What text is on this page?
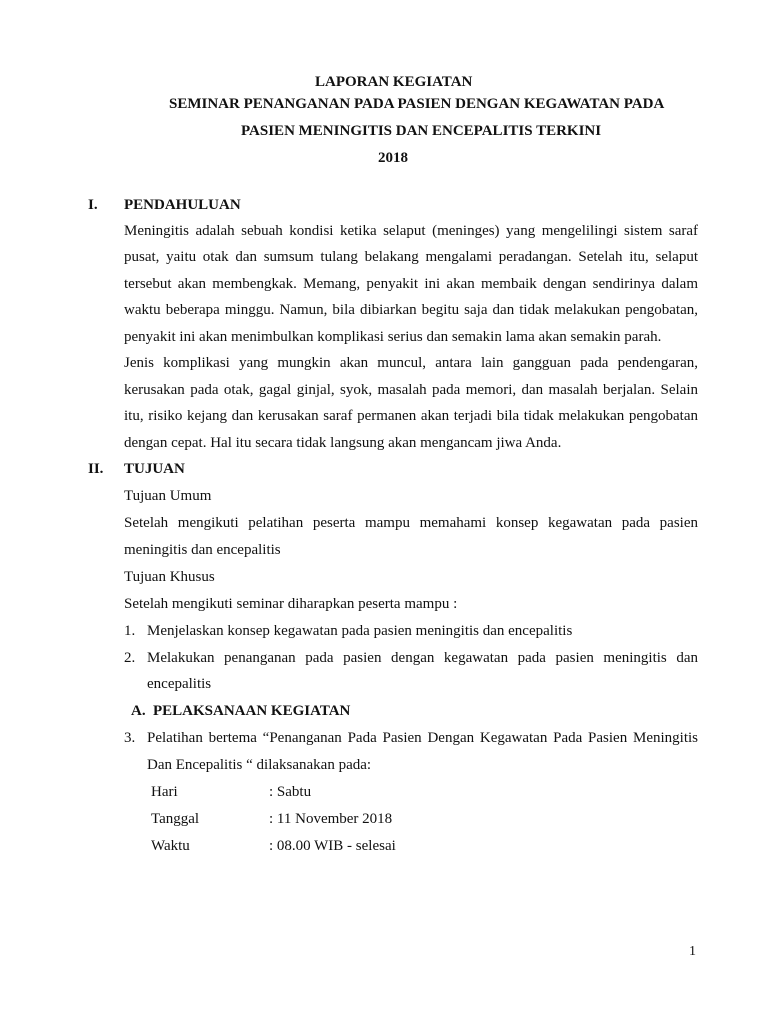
LAPORAN KEGIATAN
SEMINAR PENANGANAN PADA PASIEN DENGAN KEGAWATAN PADA
PASIEN MENINGITIS DAN ENCEPALITIS TERKINI
2018
I. PENDAHULUAN
Meningitis adalah sebuah kondisi ketika selaput (meninges) yang mengelilingi sistem saraf
pusat, yaitu otak dan sumsum tulang belakang mengalami peradangan. Setelah itu, selaput
tersebut akan membengkak. Memang, penyakit ini akan membaik dengan sendirinya dalam
waktu beberapa minggu. Namun, bila dibiarkan begitu saja dan tidak melakukan pengobatan,
penyakit ini akan menimbulkan komplikasi serius dan semakin lama akan semakin parah.
Jenis komplikasi yang mungkin akan muncul, antara lain gangguan pada pendengaran,
kerusakan pada otak, gagal ginjal, syok, masalah pada memori, dan masalah berjalan. Selain
itu, risiko kejang dan kerusakan saraf permanen akan terjadi bila tidak melakukan pengobatan
dengan cepat. Hal itu secara tidak langsung akan mengancam jiwa Anda.
II. TUJUAN
Tujuan Umum
Setelah mengikuti pelatihan peserta mampu memahami konsep kegawatan pada pasien
meningitis dan encepalitis
Tujuan Khusus
Setelah mengikuti seminar diharapkan peserta mampu :
1. Menjelaskan konsep kegawatan pada pasien meningitis dan encepalitis
2. Melakukan penanganan pada pasien dengan kegawatan pada pasien meningitis dan
encepalitis
A. PELAKSANAAN KEGIATAN
3. Pelatihan bertema “Penanganan Pada Pasien Dengan Kegawatan Pada Pasien Meningitis
Dan Encepalitis “ dilaksanakan pada:
Hari	: Sabtu
Tanggal	: 11 November 2018
Waktu	: 08.00 WIB - selesai
1
